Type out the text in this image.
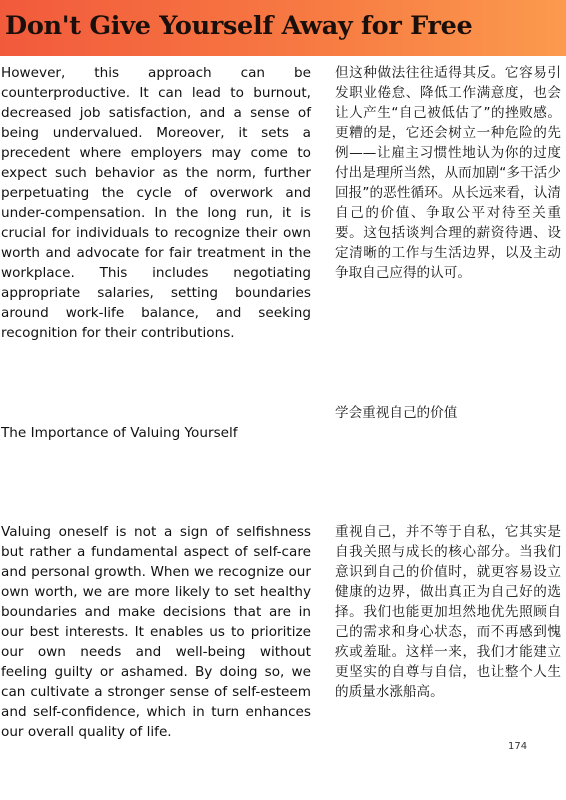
Don't Give Yourself Away for Free
However, this approach can be counterproductive. It can lead to burnout, decreased job satisfaction, and a sense of being undervalued. Moreover, it sets a precedent where employers may come to expect such behavior as the norm, further perpetuating the cycle of overwork and under-compensation. In the long run, it is crucial for individuals to recognize their own worth and advocate for fair treatment in the workplace. This includes negotiating appropriate salaries, setting boundaries around work-life balance, and seeking recognition for their contributions.
但这种做法往往适得其反。它容易引发职业倦怠、降低工作满意度，也会让人产生“自己被低估了”的挫败感。更糟的是，它还会树立一种危险的先例——让雇主习惯性地认为你的过度付出是理所当然，从而加剧“多干活少回报”的恶性循环。从长远来看，认清自己的价值、争取公平对待至关重要。这包括谈判合理的薪资待遇、设定清晰的工作与生活边界，以及主动争取自己应得的认可。
学会重视自己的价值
The Importance of Valuing Yourself
Valuing oneself is not a sign of selfishness but rather a fundamental aspect of self-care and personal growth. When we recognize our own worth, we are more likely to set healthy boundaries and make decisions that are in our best interests. It enables us to prioritize our own needs and well-being without feeling guilty or ashamed. By doing so, we can cultivate a stronger sense of self-esteem and self-confidence, which in turn enhances our overall quality of life.
重视自己，并不等于自私，它其实是自我关照与成长的核心部分。当我们意识到自己的价值时，就更容易设立健康的边界，做出真正为自己好的选择。我们也能更加坦然地优先照顾自己的需求和身心状态，而不再感到愧疚或羞耻。这样一来，我们才能建立更坚实的自尊与自信，也让整个人生的质量水涨船高。
174
